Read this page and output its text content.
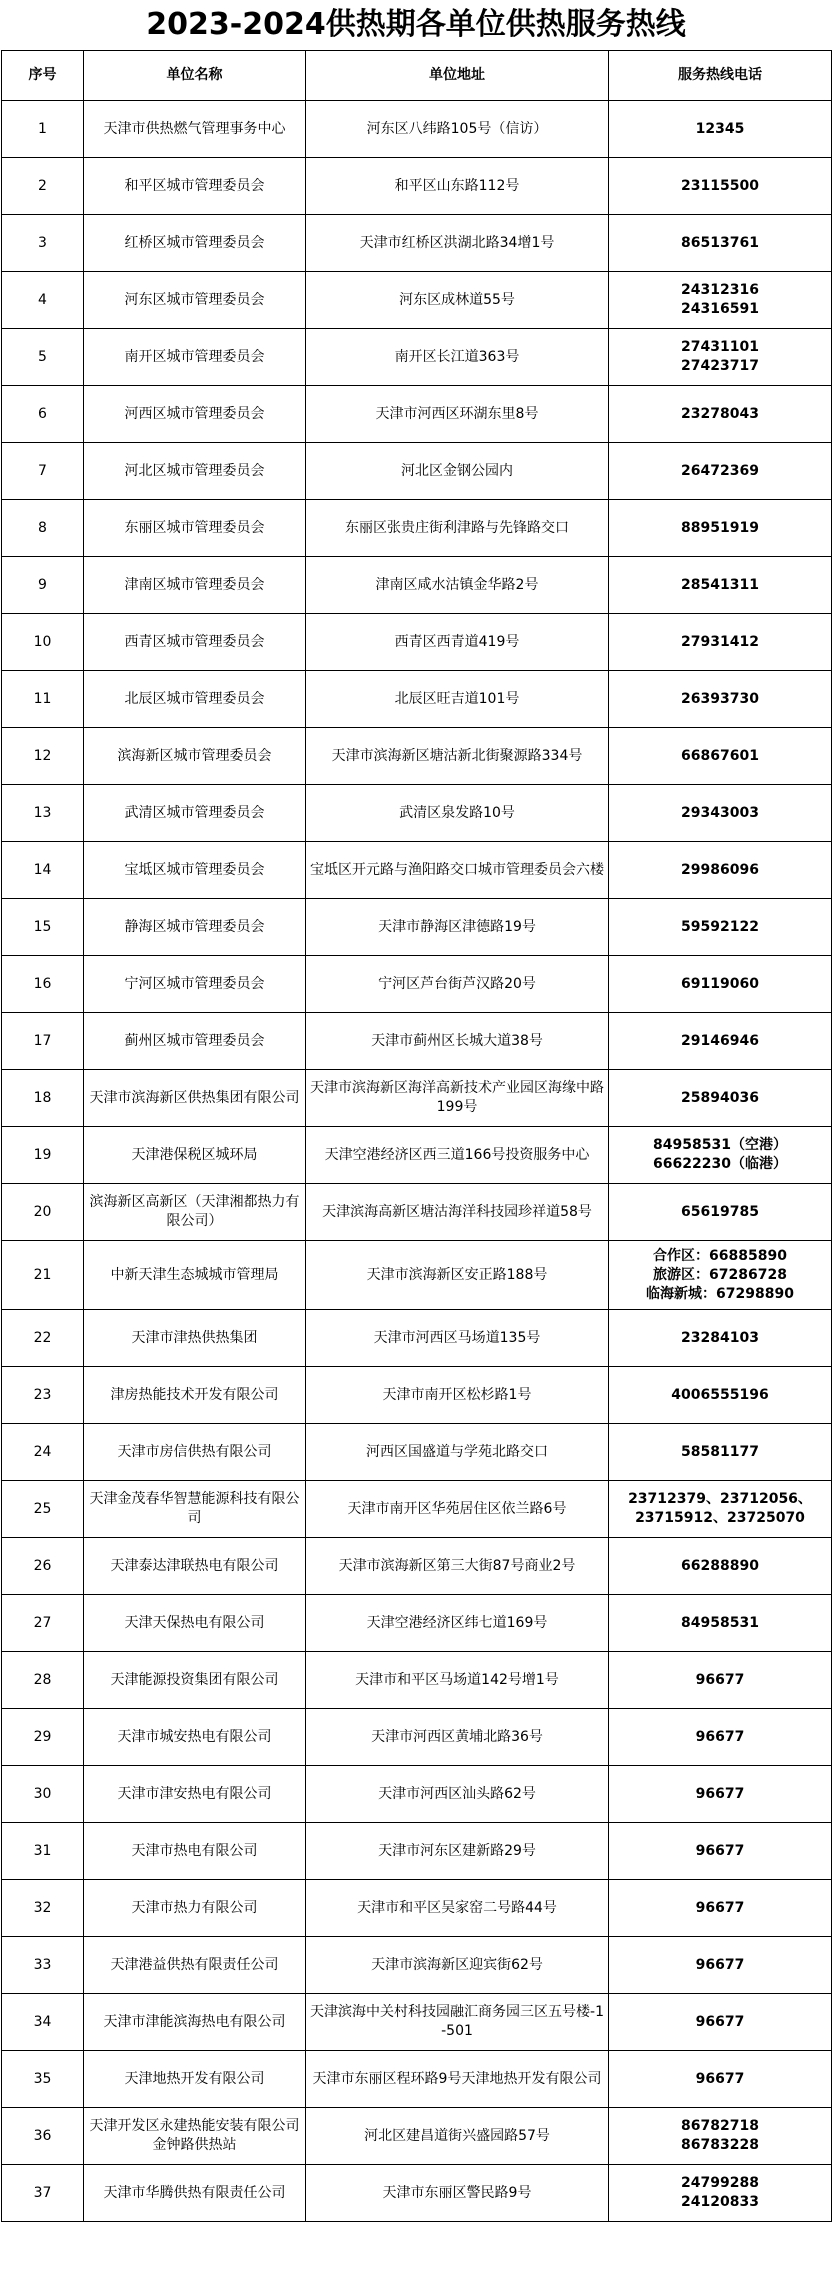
2023-2024供热期各单位供热服务热线
序号	单位名称	单位地址	服务热线电话
1	天津市供热燃气管理事务中心	河东区八纬路105号（信访）	12345

2	和平区城市管理委员会	和平区山东路112号	23115500

3	红桥区城市管理委员会	天津市红桥区洪湖北路34增1号	86513761

4	河东区城市管理委员会	河东区成林道55号	24312316
24316591

5	南开区城市管理委员会	南开区长江道363号	27431101
27423717

6	河西区城市管理委员会	天津市河西区环湖东里8号	23278043

7	河北区城市管理委员会	河北区金钢公园内	26472369

8	东丽区城市管理委员会	东丽区张贵庄街利津路与先锋路交口	88951919

9	津南区城市管理委员会	津南区咸水沽镇金华路2号	28541311

10	西青区城市管理委员会	西青区西青道419号	27931412

11	北辰区城市管理委员会	北辰区旺吉道101号	26393730

12	滨海新区城市管理委员会	天津市滨海新区塘沽新北街聚源路334号	66867601

13	武清区城市管理委员会	武清区泉发路10号	29343003

14	宝坻区城市管理委员会	宝坻区开元路与渔阳路交口城市管理委员会六楼	29986096

15	静海区城市管理委员会	天津市静海区津德路19号	59592122

16	宁河区城市管理委员会	宁河区芦台街芦汉路20号	69119060

17	蓟州区城市管理委员会	天津市蓟州区长城大道38号	29146946

18	天津市滨海新区供热集团有限公司	天津市滨海新区海洋高新技术产业园区海缘中路199号	25894036

19	天津港保税区城环局	天津空港经济区西三道166号投资服务中心	84958531（空港）
66622230（临港）

20	滨海新区高新区（天津湘都热力有限公司）	天津滨海高新区塘沽海洋科技园珍祥道58号	65619785

21	中新天津生态城城市管理局	天津市滨海新区安正路188号	合作区：66885890
旅游区：67286728
临海新城：67298890

22	天津市津热供热集团	天津市河西区马场道135号	23284103

23	津房热能技术开发有限公司	天津市南开区松杉路1号	4006555196

24	天津市房信供热有限公司	河西区国盛道与学苑北路交口	58581177

25	天津金茂春华智慧能源科技有限公司	天津市南开区华苑居住区依兰路6号	23712379、23712056、
23715912、23725070

26	天津泰达津联热电有限公司	天津市滨海新区第三大街87号商业2号	66288890

27	天津天保热电有限公司	天津空港经济区纬七道169号	84958531

28	天津能源投资集团有限公司	天津市和平区马场道142号增1号	96677

29	天津市城安热电有限公司	天津市河西区黄埔北路36号	96677

30	天津市津安热电有限公司	天津市河西区汕头路62号	96677

31	天津市热电有限公司	天津市河东区建新路29号	96677

32	天津市热力有限公司	天津市和平区吴家窑二号路44号	96677

33	天津港益供热有限责任公司	天津市滨海新区迎宾街62号	96677

34	天津市津能滨海热电有限公司	天津滨海中关村科技园融汇商务园三区五号楼-1-501	96677

35	天津地热开发有限公司	天津市东丽区程环路9号天津地热开发有限公司	96677

36	天津开发区永建热能安装有限公司金钟路供热站	河北区建昌道街兴盛园路57号	86782718
86783228

37	天津市华腾供热有限责任公司	天津市东丽区警民路9号	24799288
24120833
